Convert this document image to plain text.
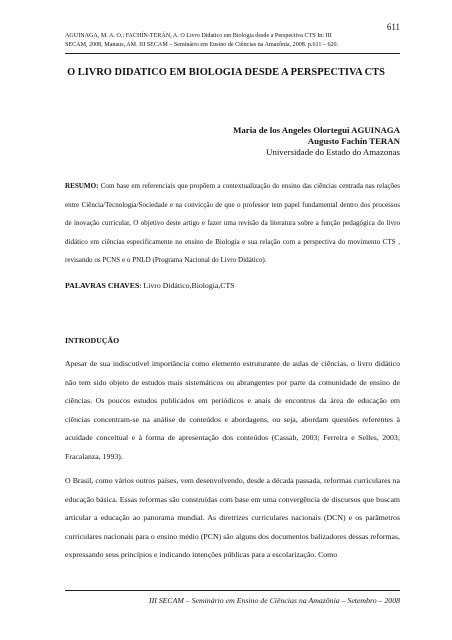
611
AGUINAGA, M. A. O.; FACHÍN-TERÁN, A. O Livro Didatico em Biologia desde a Perspectiva CTS In: III
SECAM, 2008, Manaus, AM. III SECAM – Seminário em Ensino de Ciências na Amazônia, 2008. p.611 – 620.
O LIVRO DIDATICO EM BIOLOGIA DESDE A PERSPECTIVA CTS
Maria de los Angeles Olortegui AGUINAGA
Augusto Fachín TERAN
Universidade do Estado do Amazonas
RESUMO: Com base em referenciais que propõem a contextualização do ensino das ciências centrada nas relações entre Ciência/Tecnologia/Sociedade e na convicção de que o professor tem papel fundamental dentro dos processos de inovação curricular, O objetivo deste artigo e fazer uma revisão da literatura sobre a função pedagógica do livro didático em ciências especificamente no ensino de Biologia e sua relação com a perspectiva do movimento CTS , revisando os PCNS e o PNLD (Programa Nacional do Livro Didático).
PALAVRAS CHAVES: Livro Didático,Biologia,CTS
INTRODUÇÃO
Apesar de sua indiscutível importância como elemento estruturante de aulas de ciências, o livro didático não tem sido objeto de estudos mais sistemáticos ou abrangentes por parte da comunidade de ensino de ciências. Os poucos estudos publicados em periódicos e anais de encontros da área de educação em ciências concentram-se na análise de conteúdos e abordagens, ou seja, abordam questões referentes à acuidade conceitual e à forma de apresentação dos conteúdos (Cassab, 2003; Ferreira e Selles, 2003; Fracalanza, 1993).
O Brasil, como vários outros países, vem desenvolvendo, desde a década passada, reformas curriculares na educação básica. Essas reformas são construídas com base em uma convergência de discursos que buscam articular a educação ao panorama mundial. As diretrizes curriculares nacionais (DCN) e os parâmetros curriculares nacionais para o ensino médio (PCN) são alguns dos documentos balizadores dessas reformas, expressando seus princípios e indicando intenções públicas para a escolarização. Como
III SECAM – Seminário em Ensino de Ciências na Amazônia – Setembro – 2008
